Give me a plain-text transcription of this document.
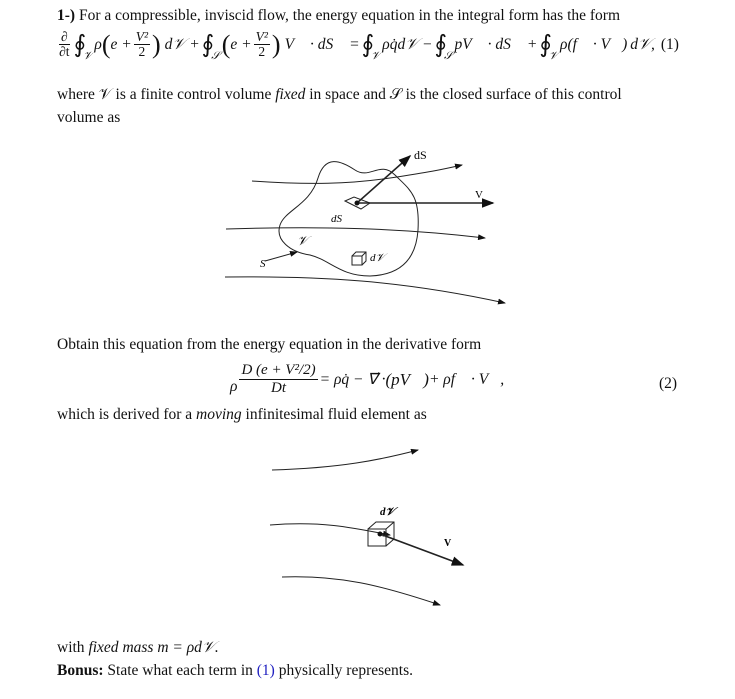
1-) For a compressible, inviscid flow, the energy equation in the integral form has the form
∂
∂t ∮
𝒱
ρ ( $e + \frac{\text{V²}}{2}$ ) d𝒱 + ∮
𝒮 ( $e + \frac{\text{V²}}{2}$ ) V⃗ · dS⃗ = ∮
𝒱
ρq̇d𝒱 − ∮
𝒮
pV⃗ · dS⃗ + ∮
𝒱
ρ (f⃗ · V⃗) d𝒱, (1)
where 𝒱 is a finite control volume fixed in space and 𝒮 is the closed surface of this control
volume as
dS
V
dS
𝒱
S	d𝒱
Obtain this equation from the energy equation in the derivative form
ρ $\frac{\text{D (e + V²/2)}}{Dt}$ = ρq̇ − ∇⃗ · (pV⃗) + ρf⃗ · V⃗,	(2)
which is derived for a moving infinitesimal fluid element as
d𝒱
V
with fixed mass m = ρd𝒱.
Bonus: State what each term in (1) physically represents.
